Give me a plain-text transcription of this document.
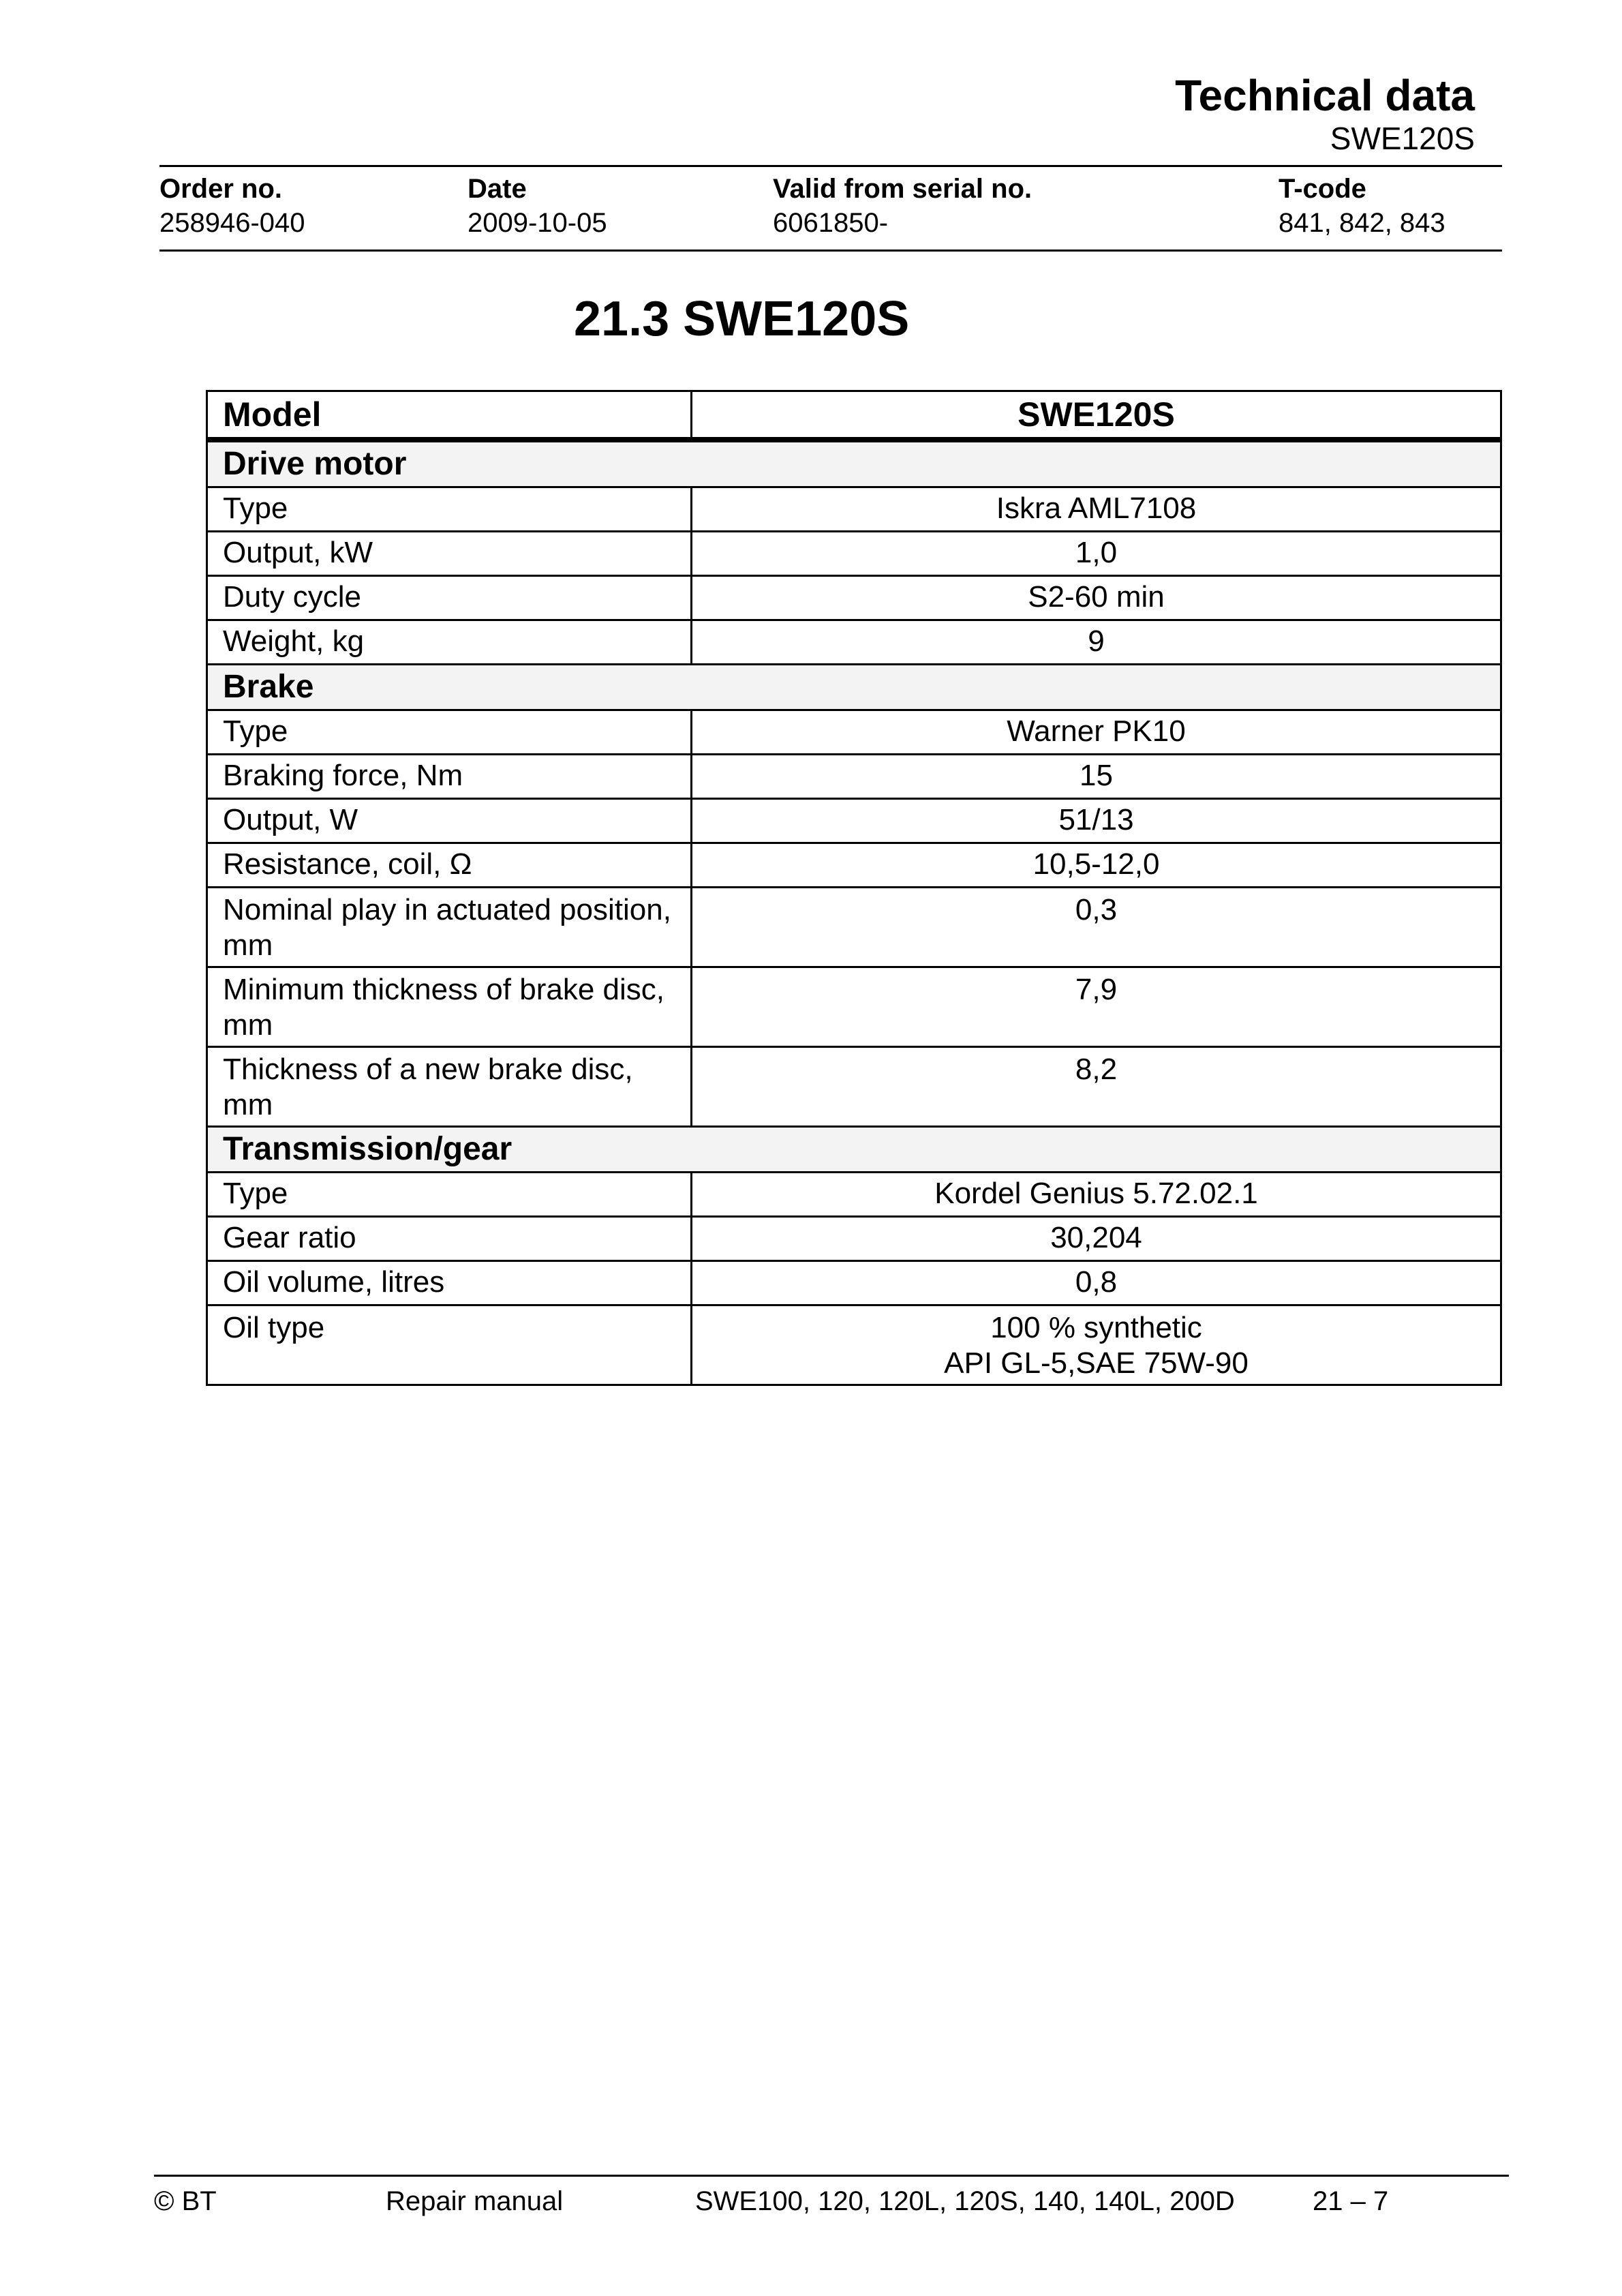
Technical data
SWE120S
Order no.
258946-040
Date
2009-10-05
Valid from serial no.
6061850-
T-code
841, 842, 843
21.3 SWE120S
Model	SWE120S
Drive motor	
Type	Iskra AML7108
Output, kW	1,0
Duty cycle	S2-60 min
Weight, kg	9
Brake	
Type	Warner PK10
Braking force, Nm	15
Output, W	51/13
Resistance, coil, Ω	10,5-12,0
Nominal play in actuated position, mm	0,3
Minimum thickness of brake disc, mm	7,9
Thickness of a new brake disc, mm	8,2
Transmission/gear	
Type	Kordel Genius 5.72.02.1
Gear ratio	30,204
Oil volume, litres	0,8
Oil type	100 % synthetic
API GL-5,SAE 75W-90
© BT	Repair manual	SWE100, 120, 120L, 120S, 140, 140L, 200D	21 – 7
